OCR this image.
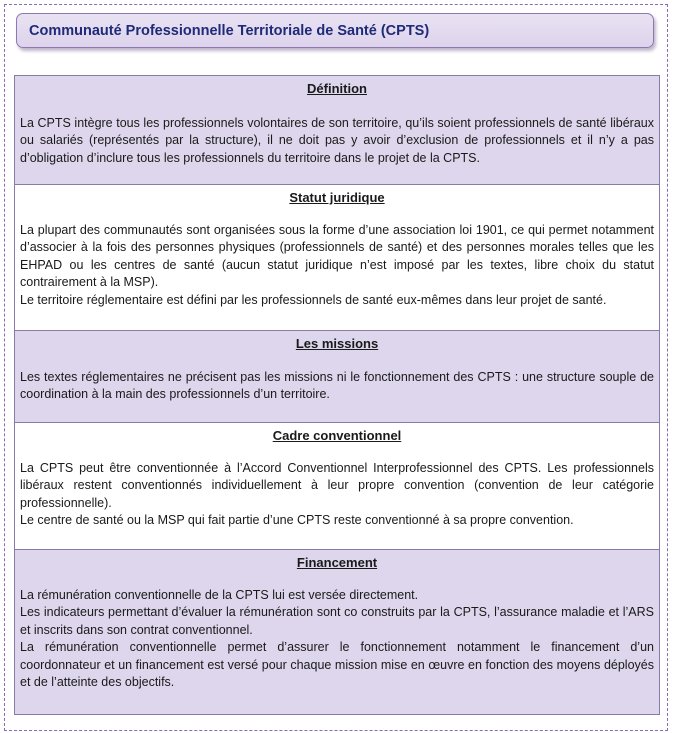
Communauté Professionnelle Territoriale de Santé (CPTS)
Définition

La CPTS intègre tous les professionnels volontaires de son territoire, qu’ils soient professionnels de santé libéraux ou salariés (représentés par la structure), il ne doit pas y avoir d’exclusion de professionnels et il n’y a pas d’obligation d’inclure tous les professionnels du territoire dans le projet de la CPTS.

Statut juridique

La plupart des communautés sont organisées sous la forme d’une association loi 1901, ce qui permet notamment d’associer à la fois des personnes physiques (professionnels de santé) et des personnes morales telles que les EHPAD ou les centres de santé (aucun statut juridique n’est imposé par les textes, libre choix du statut contrairement à la MSP).

Le territoire réglementaire est défini par les professionnels de santé eux-mêmes dans leur projet de santé.

Les missions

Les textes réglementaires ne précisent pas les missions ni le fonctionnement des CPTS : une structure souple de coordination à la main des professionnels d’un territoire.

Cadre conventionnel

La CPTS peut être conventionnée à l’Accord Conventionnel Interprofessionnel des CPTS. Les professionnels libéraux restent conventionnés individuellement à leur propre convention (convention de leur catégorie professionnelle).

Le centre de santé ou la MSP qui fait partie d’une CPTS reste conventionné à sa propre convention.

Financement

La rémunération conventionnelle de la CPTS lui est versée directement.

Les indicateurs permettant d’évaluer la rémunération sont co construits par la CPTS, l’assurance maladie et l’ARS et inscrits dans son contrat conventionnel.

La rémunération conventionnelle permet d’assurer le fonctionnement notamment le financement d’un coordonnateur et un financement est versé pour chaque mission mise en œuvre en fonction des moyens déployés et de l’atteinte des objectifs.
